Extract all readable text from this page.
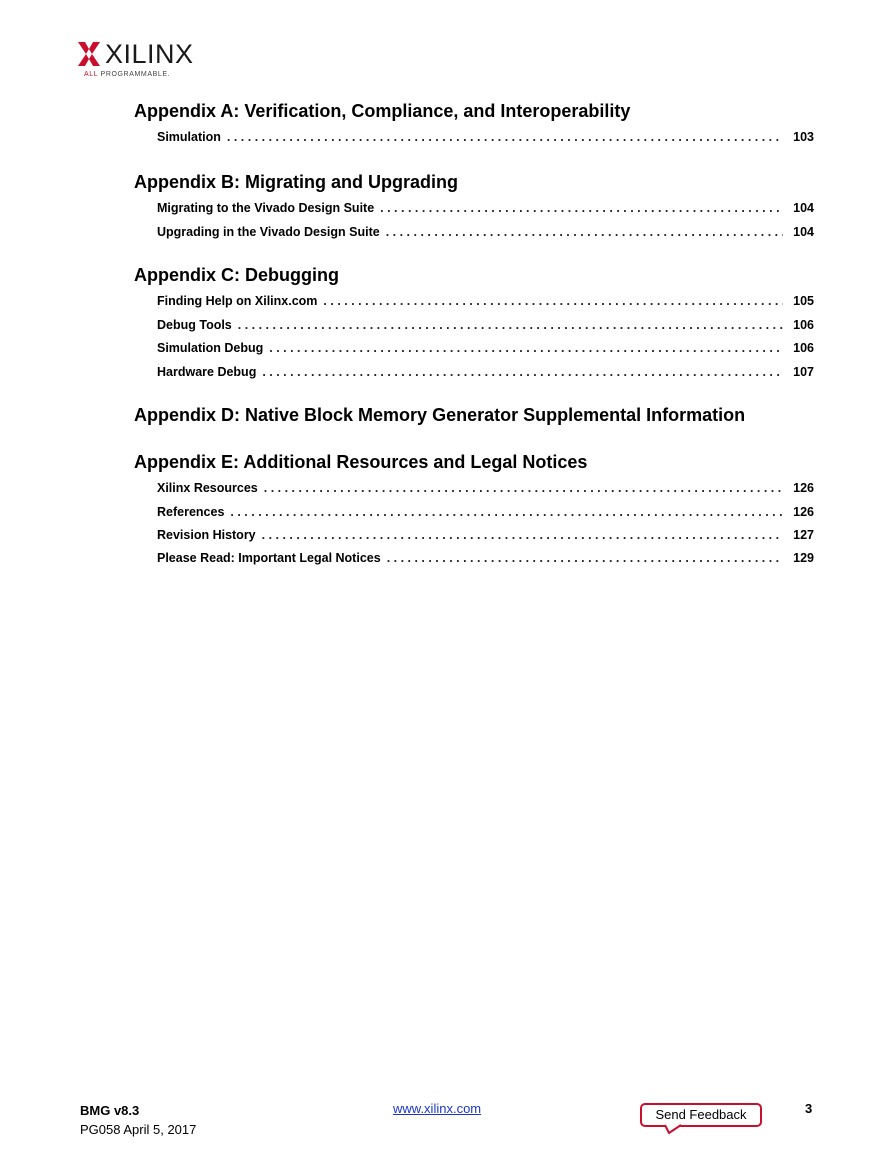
XILINX
ALL PROGRAMMABLE.
Appendix A: Verification, Compliance, and Interoperability
Simulation . . .	103
Appendix B: Migrating and Upgrading
Migrating to the Vivado Design Suite . . .	104
Upgrading in the Vivado Design Suite . . .	104
Appendix C: Debugging
Finding Help on Xilinx.com . . .	105
Debug Tools . . .	106
Simulation Debug . . .	106
Hardware Debug . . .	107
Appendix D: Native Block Memory Generator Supplemental Information
Appendix E: Additional Resources and Legal Notices
Xilinx Resources . . .	126
References . . .	126
Revision History . . .	127
Please Read: Important Legal Notices . . .	129
BMG v8.3
PG058 April 5, 2017
www.xilinx.com	Send Feedback	3
